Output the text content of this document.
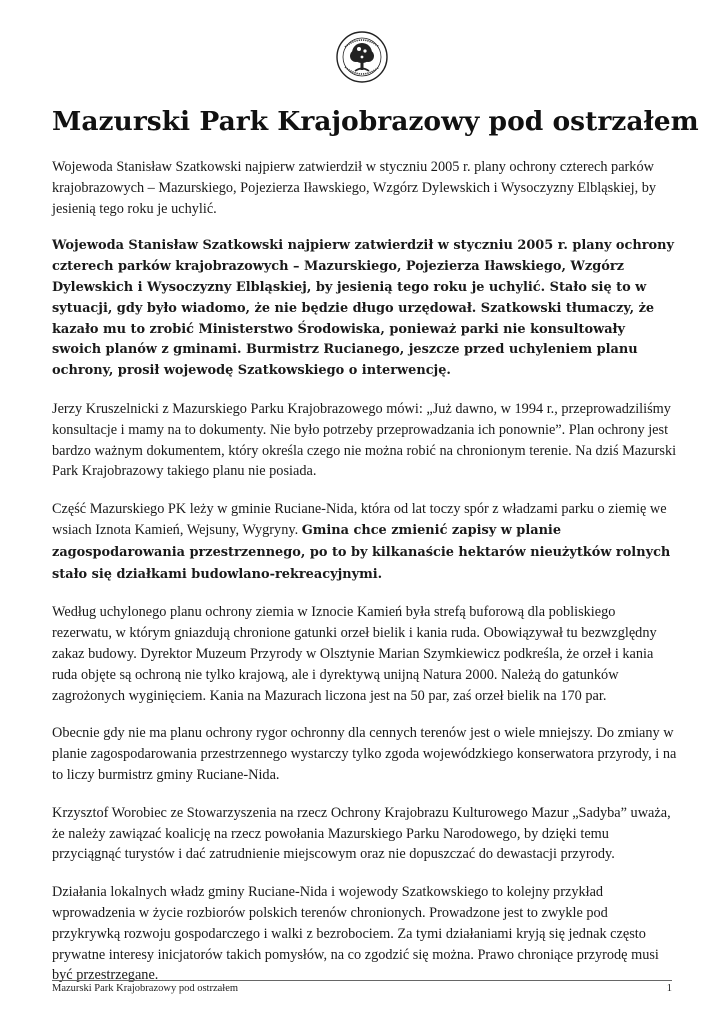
Mazurski Park Krajobrazowy pod ostrzałem

Wojewoda Stanisław Szatkowski najpierw zatwierdził w styczniu 2005 r. plany ochrony czterech parków krajobrazowych – Mazurskiego, Pojezierza Iławskiego, Wzgórz Dylewskich i Wysoczyzny Elbląskiej, by jesienią tego roku je uchylić.

Wojewoda Stanisław Szatkowski najpierw zatwierdził w styczniu 2005 r. plany ochrony czterech parków krajobrazowych – Mazurskiego, Pojezierza Iławskiego, Wzgórz Dylewskich i Wysoczyzny Elbląskiej, by jesienią tego roku je uchylić. Stało się to w sytuacji, gdy było wiadomo, że nie będzie długo urzędował. Szatkowski tłumaczy, że kazało mu to zrobić Ministerstwo Środowiska, ponieważ parki nie konsultowały swoich planów z gminami. Burmistrz Rucianego, jeszcze przed uchyleniem planu ochrony, prosił wojewodę Szatkowskiego o interwencję.

Jerzy Kruszelnicki z Mazurskiego Parku Krajobrazowego mówi: „Już dawno, w 1994 r., przeprowadziliśmy konsultacje i mamy na to dokumenty. Nie było potrzeby przeprowadzania ich ponownie”. Plan ochrony jest bardzo ważnym dokumentem, który określa czego nie można robić na chronionym terenie. Na dziś Mazurski Park Krajobrazowy takiego planu nie posiada.

Część Mazurskiego PK leży w gminie Ruciane-Nida, która od lat toczy spór z władzami parku o ziemię we wsiach Iznota Kamień, Wejsuny, Wygryny. Gmina chce zmienić zapisy w planie zagospodarowania przestrzennego, po to by kilkanaście hektarów nieużytków rolnych stało się działkami budowlano-rekreacyjnymi.

Według uchylonego planu ochrony ziemia w Iznocie Kamień była strefą buforową dla pobliskiego rezerwatu, w którym gniazdują chronione gatunki orzeł bielik i kania ruda. Obowiązywał tu bezwzględny zakaz budowy. Dyrektor Muzeum Przyrody w Olsztynie Marian Szymkiewicz podkreśla, że orzeł i kania ruda objęte są ochroną nie tylko krajową, ale i dyrektywą unijną Natura 2000. Należą do gatunków zagrożonych wyginięciem. Kania na Mazurach liczona jest na 50 par, zaś orzeł bielik na 170 par.

Obecnie gdy nie ma planu ochrony rygor ochronny dla cennych terenów jest o wiele mniejszy. Do zmiany w planie zagospodarowania przestrzennego wystarczy tylko zgoda wojewódzkiego konserwatora przyrody, i na to liczy burmistrz gminy Ruciane-Nida.

Krzysztof Worobiec ze Stowarzyszenia na rzecz Ochrony Krajobrazu Kulturowego Mazur „Sadyba” uważa, że należy zawiązać koalicję na rzecz powołania Mazurskiego Parku Narodowego, by dzięki temu przyciągnąć turystów i dać zatrudnienie miejscowym oraz nie dopuszczać do dewastacji przyrody.

Działania lokalnych władz gminy Ruciane-Nida i wojewody Szatkowskiego to kolejny przykład wprowadzenia w życie rozbiorów polskich terenów chronionych. Prowadzone jest to zwykle pod przykrywką rozwoju gospodarczego i walki z bezrobociem. Za tymi działaniami kryją się jednak często prywatne interesy inicjatorów takich pomysłów, na co zgodzić się można. Prawo chroniące przyrodę musi być przestrzegane.

Mazurski Park Krajobrazowy pod ostrzałem	1
